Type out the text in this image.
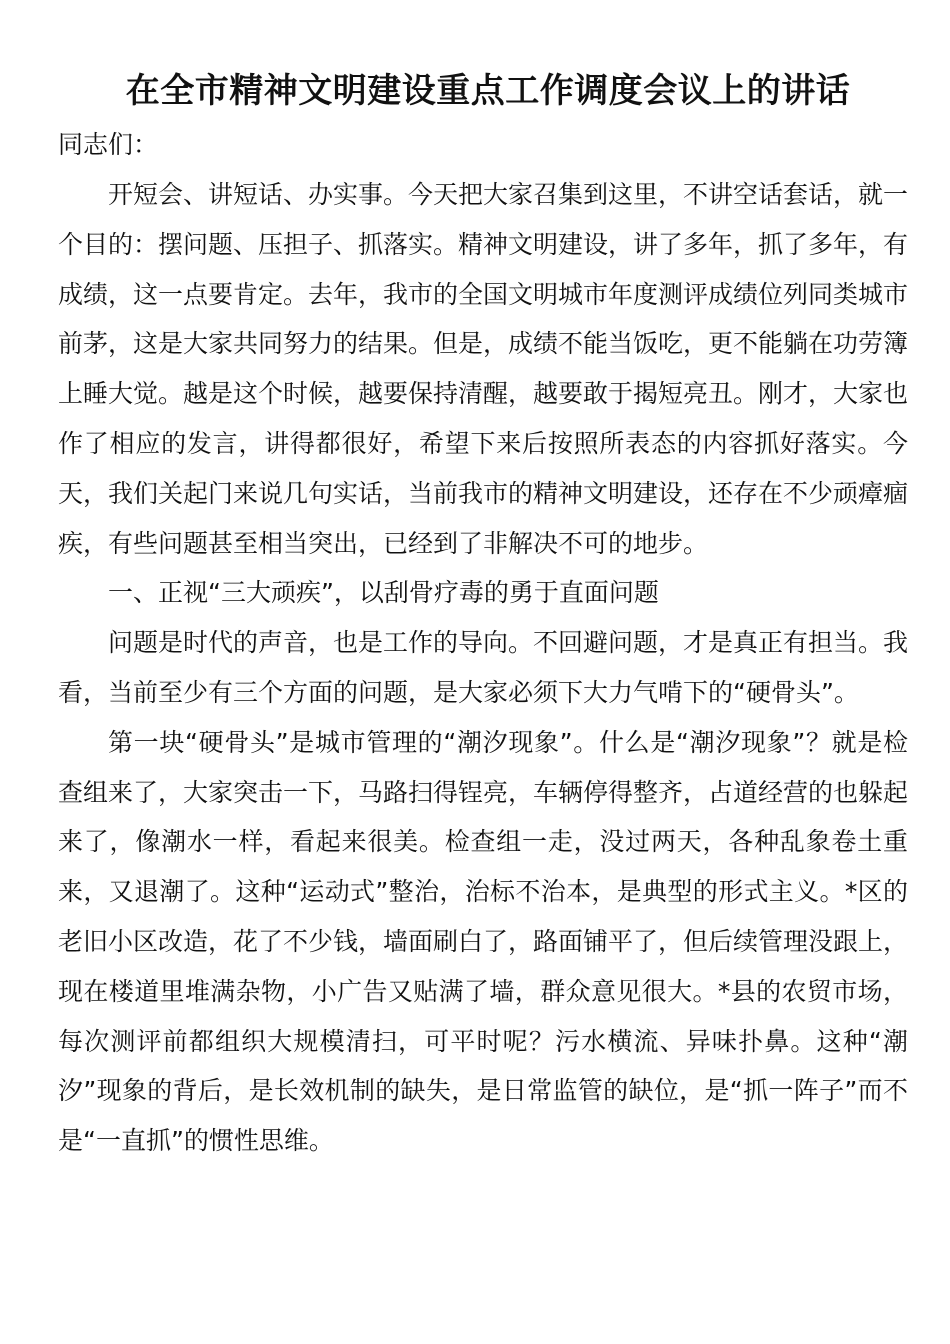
在全市精神文明建设重点工作调度会议上的讲话

同志们：

开短会、讲短话、办实事。今天把大家召集到这里，不讲空话套话，就一个目的：摆问题、压担子、抓落实。精神文明建设，讲了多年，抓了多年，有成绩，这一点要肯定。去年，我市的全国文明城市年度测评成绩位列同类城市前茅，这是大家共同努力的结果。但是，成绩不能当饭吃，更不能躺在功劳簿上睡大觉。越是这个时候，越要保持清醒，越要敢于揭短亮丑。刚才，大家也作了相应的发言，讲得都很好，希望下来后按照所表态的内容抓好落实。今天，我们关起门来说几句实话，当前我市的精神文明建设，还存在不少顽瘴痼疾，有些问题甚至相当突出，已经到了非解决不可的地步。

一、正视“三大顽疾”，以刮骨疗毒的勇于直面问题

问题是时代的声音，也是工作的导向。不回避问题，才是真正有担当。我看，当前至少有三个方面的问题，是大家必须下大力气啃下的“硬骨头”。

第一块“硬骨头”是城市管理的“潮汐现象”。什么是“潮汐现象”？就是检查组来了，大家突击一下，马路扫得锃亮，车辆停得整齐，占道经营的也躲起来了，像潮水一样，看起来很美。检查组一走，没过两天，各种乱象卷土重来，又退潮了。这种“运动式”整治，治标不治本，是典型的形式主义。*区的老旧小区改造，花了不少钱，墙面刷白了，路面铺平了，但后续管理没跟上，现在楼道里堆满杂物，小广告又贴满了墙，群众意见很大。*县的农贸市场，每次测评前都组织大规模清扫，可平时呢？污水横流、异味扑鼻。这种“潮汐”现象的背后，是长效机制的缺失，是日常监管的缺位，是“抓一阵子”而不是“一直抓”的惯性思维。
